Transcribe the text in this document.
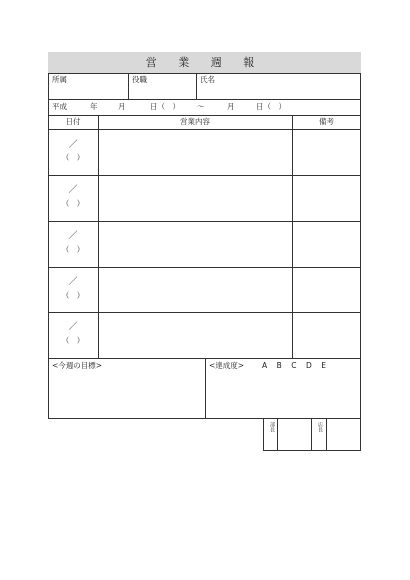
営 業 週 報
所属	役職	氏名
平成	年	月	日（　） ～	月	日（　）
日付	営業内容	備考
／
（　）
／
（　）
／
（　）
／
（　）
／
（　）
<今週の目標>	<達成度> A　B　C　D　E
部長	店長
